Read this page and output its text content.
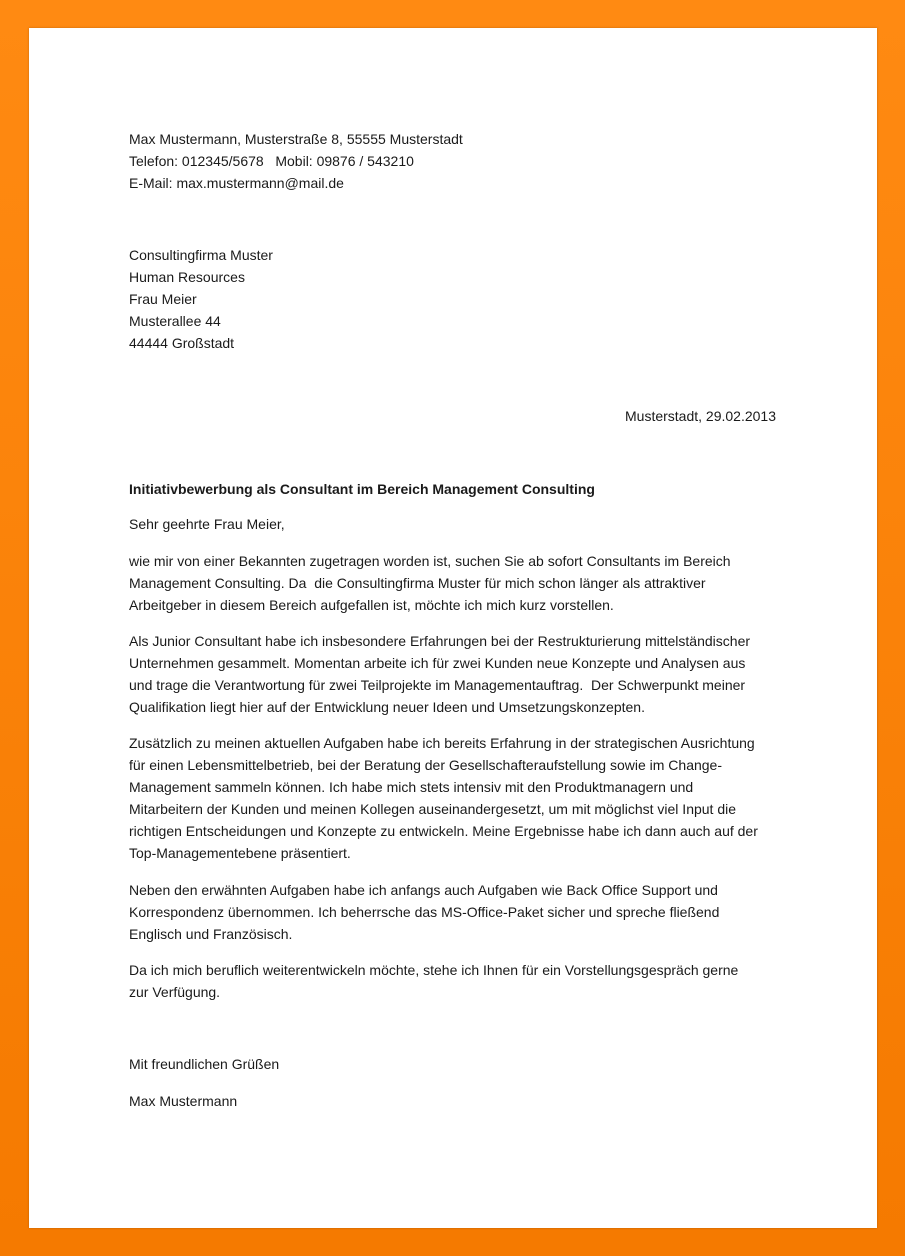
Max Mustermann, Musterstraße 8, 55555 Musterstadt

Telefon: 012345/5678   Mobil: 09876 / 543210

E-Mail: max.mustermann@mail.de

Consultingfirma Muster

Human Resources

Frau Meier

Musterallee 44

44444 Großstadt

Musterstadt, 29.02.2013
Initiativbewerbung als Consultant im Bereich Management Consulting
Sehr geehrte Frau Meier,

wie mir von einer Bekannten zugetragen worden ist, suchen Sie ab sofort Consultants im Bereich

Management Consulting. Da  die Consultingfirma Muster für mich schon länger als attraktiver

Arbeitgeber in diesem Bereich aufgefallen ist, möchte ich mich kurz vorstellen.

Als Junior Consultant habe ich insbesondere Erfahrungen bei der Restrukturierung mittelständischer

Unternehmen gesammelt. Momentan arbeite ich für zwei Kunden neue Konzepte und Analysen aus

und trage die Verantwortung für zwei Teilprojekte im Managementauftrag.  Der Schwerpunkt meiner

Qualifikation liegt hier auf der Entwicklung neuer Ideen und Umsetzungskonzepten.

Zusätzlich zu meinen aktuellen Aufgaben habe ich bereits Erfahrung in der strategischen Ausrichtung

für einen Lebensmittelbetrieb, bei der Beratung der Gesellschafteraufstellung sowie im Change-

Management sammeln können. Ich habe mich stets intensiv mit den Produktmanagern und

Mitarbeitern der Kunden und meinen Kollegen auseinandergesetzt, um mit möglichst viel Input die

richtigen Entscheidungen und Konzepte zu entwickeln. Meine Ergebnisse habe ich dann auch auf der

Top-Managementebene präsentiert.

Neben den erwähnten Aufgaben habe ich anfangs auch Aufgaben wie Back Office Support und

Korrespondenz übernommen. Ich beherrsche das MS-Office-Paket sicher und spreche fließend

Englisch und Französisch.

Da ich mich beruflich weiterentwickeln möchte, stehe ich Ihnen für ein Vorstellungsgespräch gerne

zur Verfügung.

Mit freundlichen Grüßen
Max Mustermann
